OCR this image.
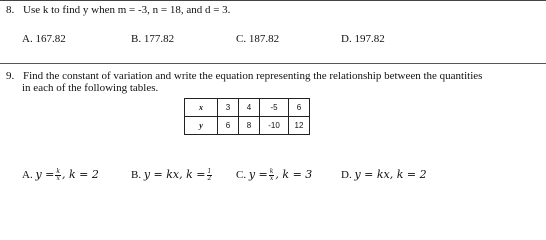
8. Use k to find y when m = -3, n = 18, and d = 3.
A. 167.82	B. 177.82	C. 187.82	D. 197.82
9. Find the constant of variation and write the equation representing the relationship between the quantities
in each of the following tables.
x	3	4	-5	6
y	6	8	-10	12
A. $y = \frac{k}{x}$ , k = 2	B. y = kx, $k = \frac{1}{2} C$. $y = \frac{k}{x}$ , k = 3	D. y = kx, k = 2
